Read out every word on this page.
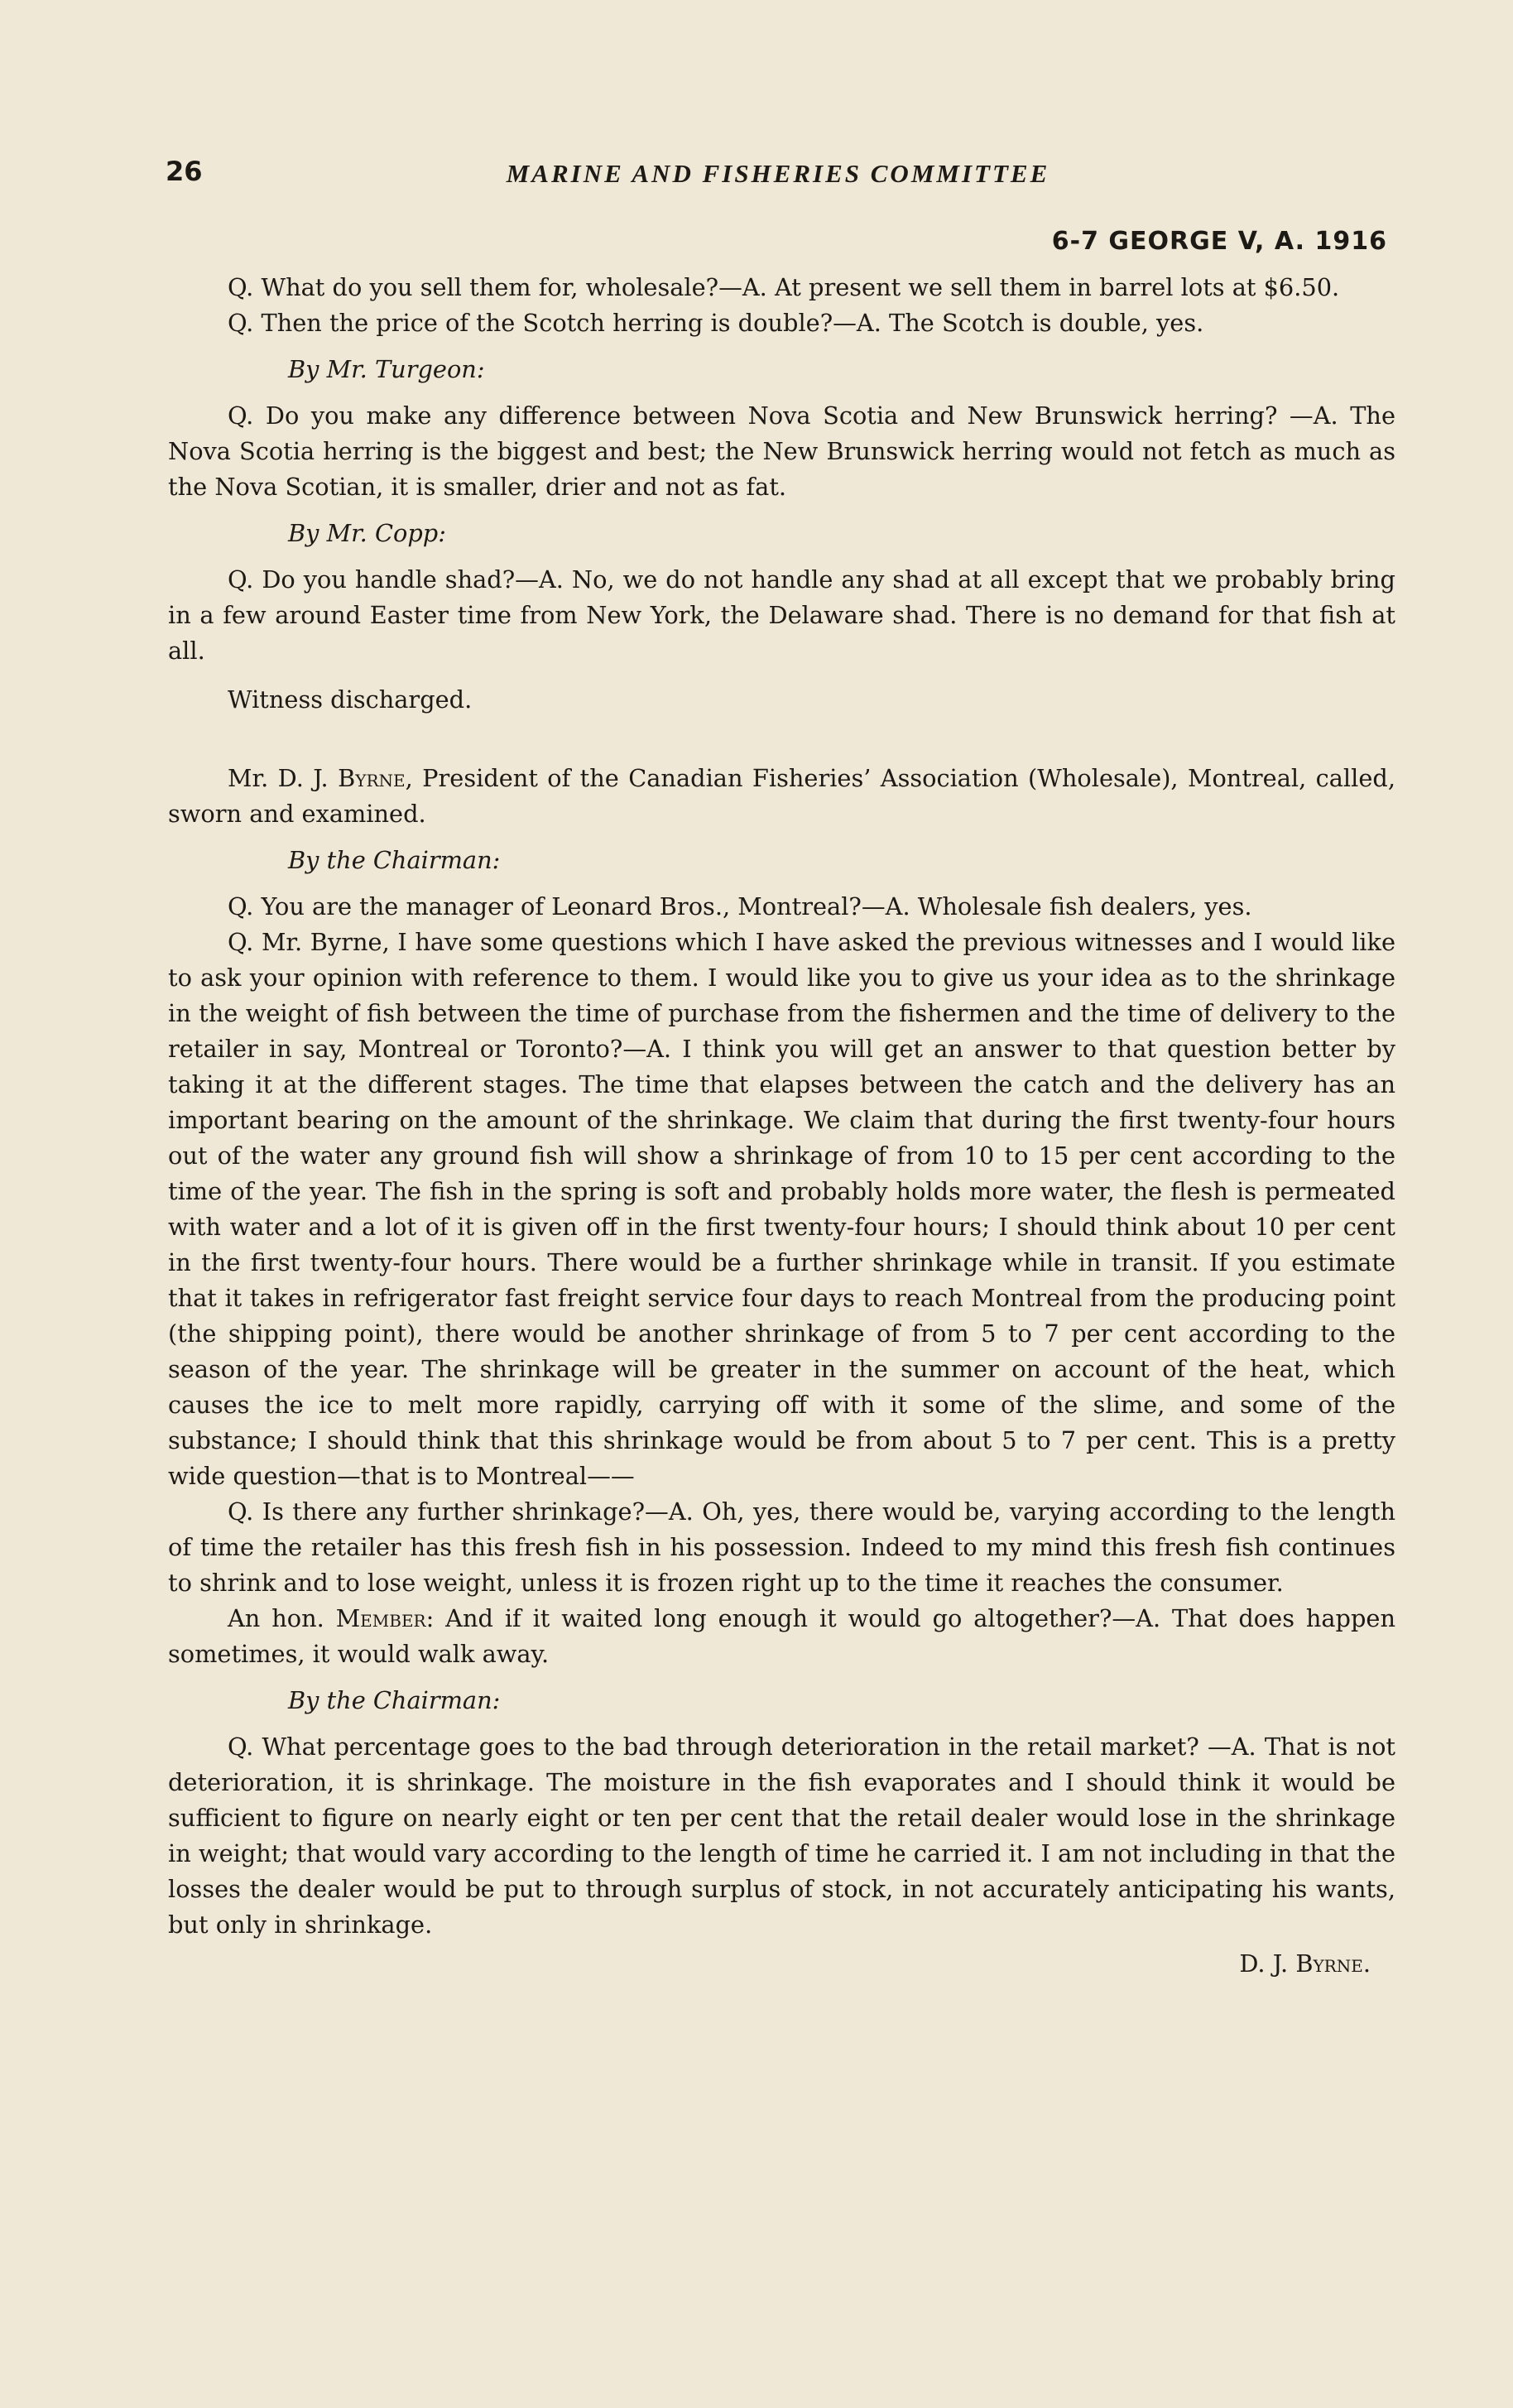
26	MARINE AND FISHERIES COMMITTEE
6-7 GEORGE V, A. 1916

Q. What do you sell them for, wholesale?—A. At present we sell them in barrel lots at $6.50.

Q. Then the price of the Scotch herring is double?—A. The Scotch is double, yes.

By Mr. Turgeon:

Q. Do you make any difference between Nova Scotia and New Brunswick herring? —A. The Nova Scotia herring is the biggest and best; the New Brunswick herring would not fetch as much as the Nova Scotian, it is smaller, drier and not as fat.

By Mr. Copp:

Q. Do you handle shad?—A. No, we do not handle any shad at all except that we probably bring in a few around Easter time from New York, the Delaware shad. There is no demand for that fish at all.

Witness discharged.

Mr. D. J. Byrne, President of the Canadian Fisheries’ Association (Wholesale), Montreal, called, sworn and examined.

By the Chairman:

Q. You are the manager of Leonard Bros., Montreal?—A. Wholesale fish dealers, yes.

Q. Mr. Byrne, I have some questions which I have asked the previous witnesses and I would like to ask your opinion with reference to them. I would like you to give us your idea as to the shrinkage in the weight of fish between the time of purchase from the fishermen and the time of delivery to the retailer in say, Montreal or Toronto?—A. I think you will get an answer to that question better by taking it at the different stages. The time that elapses between the catch and the delivery has an important bearing on the amount of the shrinkage. We claim that during the first twenty-four hours out of the water any ground fish will show a shrinkage of from 10 to 15 per cent according to the time of the year. The fish in the spring is soft and probably holds more water, the flesh is permeated with water and a lot of it is given off in the first twenty-four hours; I should think about 10 per cent in the first twenty-four hours. There would be a further shrinkage while in transit. If you estimate that it takes in refrigerator fast freight service four days to reach Montreal from the producing point (the shipping point), there would be another shrinkage of from 5 to 7 per cent according to the season of the year. The shrinkage will be greater in the summer on account of the heat, which causes the ice to melt more rapidly, carrying off with it some of the slime, and some of the substance; I should think that this shrinkage would be from about 5 to 7 per cent. This is a pretty wide question—that is to Montreal——

Q. Is there any further shrinkage?—A. Oh, yes, there would be, varying according to the length of time the retailer has this fresh fish in his possession. Indeed to my mind this fresh fish continues to shrink and to lose weight, unless it is frozen right up to the time it reaches the consumer.

An hon. Member: And if it waited long enough it would go altogether?—A. That does happen sometimes, it would walk away.

By the Chairman:

Q. What percentage goes to the bad through deterioration in the retail market? —A. That is not deterioration, it is shrinkage. The moisture in the fish evaporates and I should think it would be sufficient to figure on nearly eight or ten per cent that the retail dealer would lose in the shrinkage in weight; that would vary according to the length of time he carried it. I am not including in that the losses the dealer would be put to through surplus of stock, in not accurately anticipating his wants, but only in shrinkage.

D. J. Byrne.
